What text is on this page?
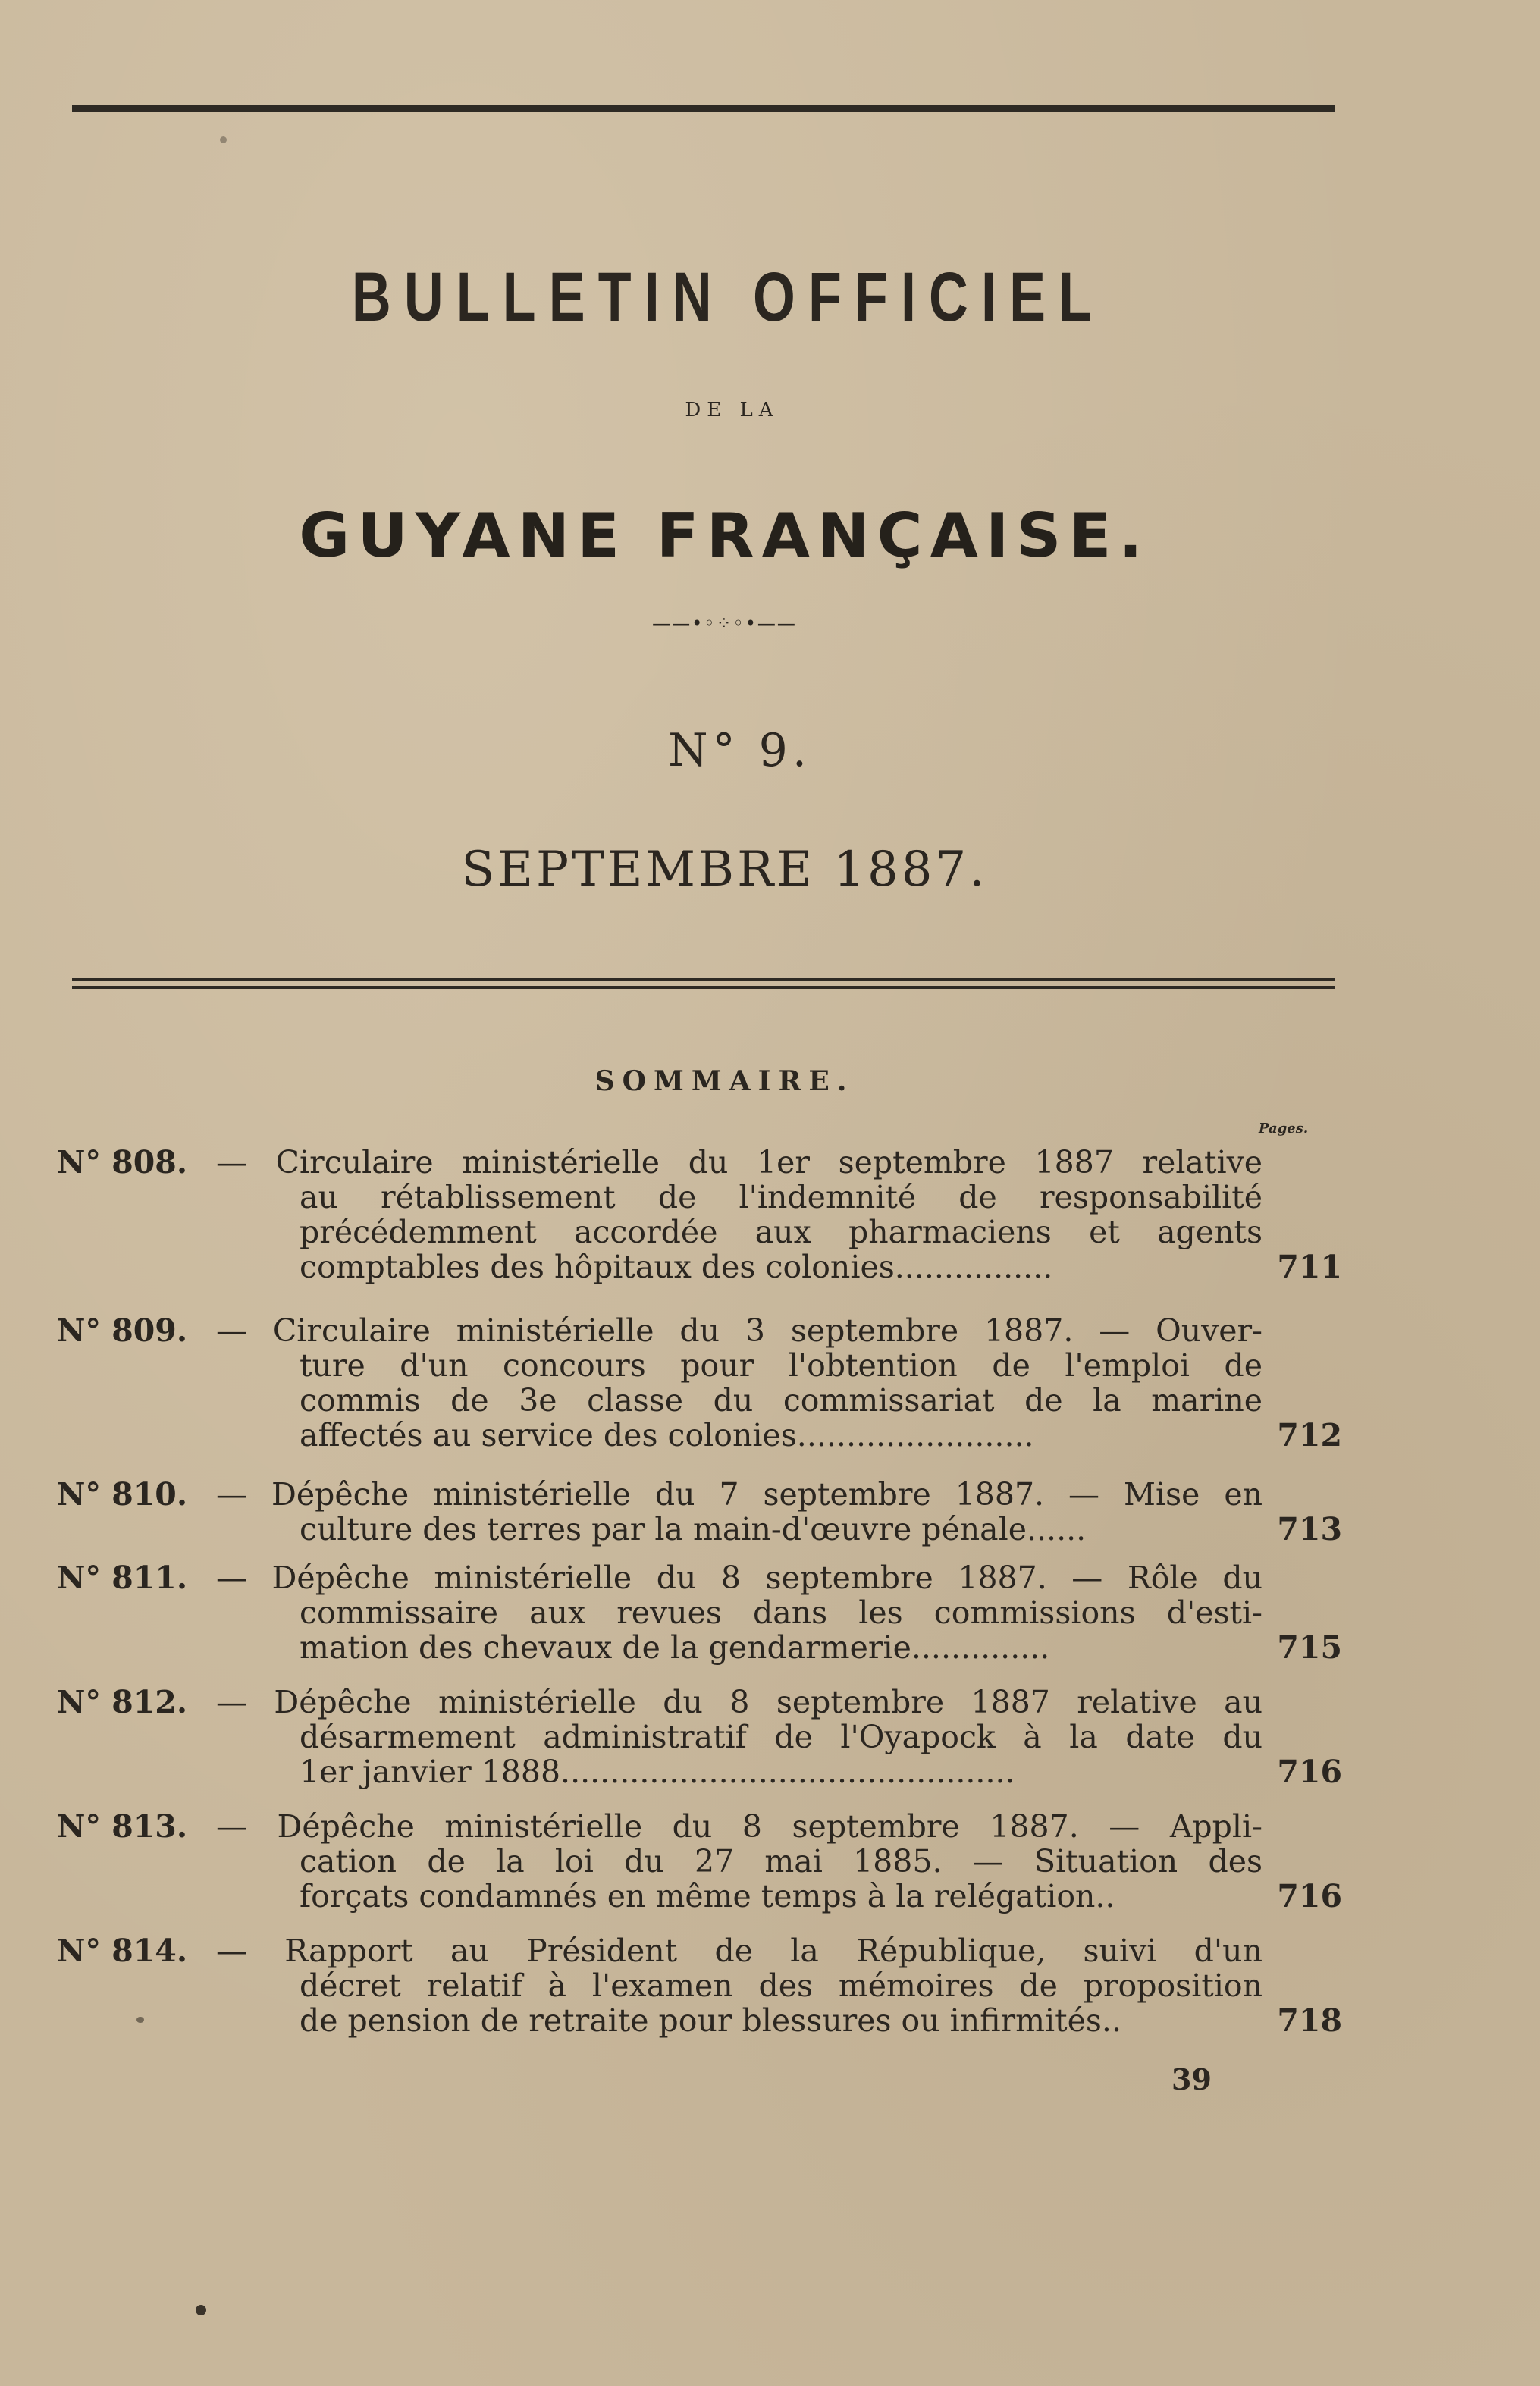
BULLETIN OFFICIEL
DE LA
GUYANE FRANÇAISE.
——•◦⁘◦•——
N° 9.
SEPTEMBRE 1887.
SOMMAIRE.
Pages.
N° 808. — Circulaire ministérielle du 1er septembre 1887 relative
au rétablissement de l'indemnité de responsabilité
précédemment accordée aux pharmaciens et agents
comptables des hôpitaux des colonies................	711
N° 809. — Circulaire ministérielle du 3 septembre 1887. — Ouver-
ture d'un concours pour l'obtention de l'emploi de
commis de 3e classe du commissariat de la marine
affectés au service des colonies........................	712
N° 810. — Dépêche ministérielle du 7 septembre 1887. — Mise en
culture des terres par la main-d'œuvre pénale......	713
N° 811. — Dépêche ministérielle du 8 septembre 1887. — Rôle du
commissaire aux revues dans les commissions d'esti-
mation des chevaux de la gendarmerie..............	715
N° 812. — Dépêche ministérielle du 8 septembre 1887 relative au
désarmement administratif de l'Oyapock à la date du
1er janvier 1888..............................................	716
N° 813. — Dépêche ministérielle du 8 septembre 1887. — Appli-
cation de la loi du 27 mai 1885. — Situation des
forçats condamnés en même temps à la relégation..	716
N° 814. — Rapport au Président de la République, suivi d'un
décret relatif à l'examen des mémoires de proposition
de pension de retraite pour blessures ou infirmités..	718
39
